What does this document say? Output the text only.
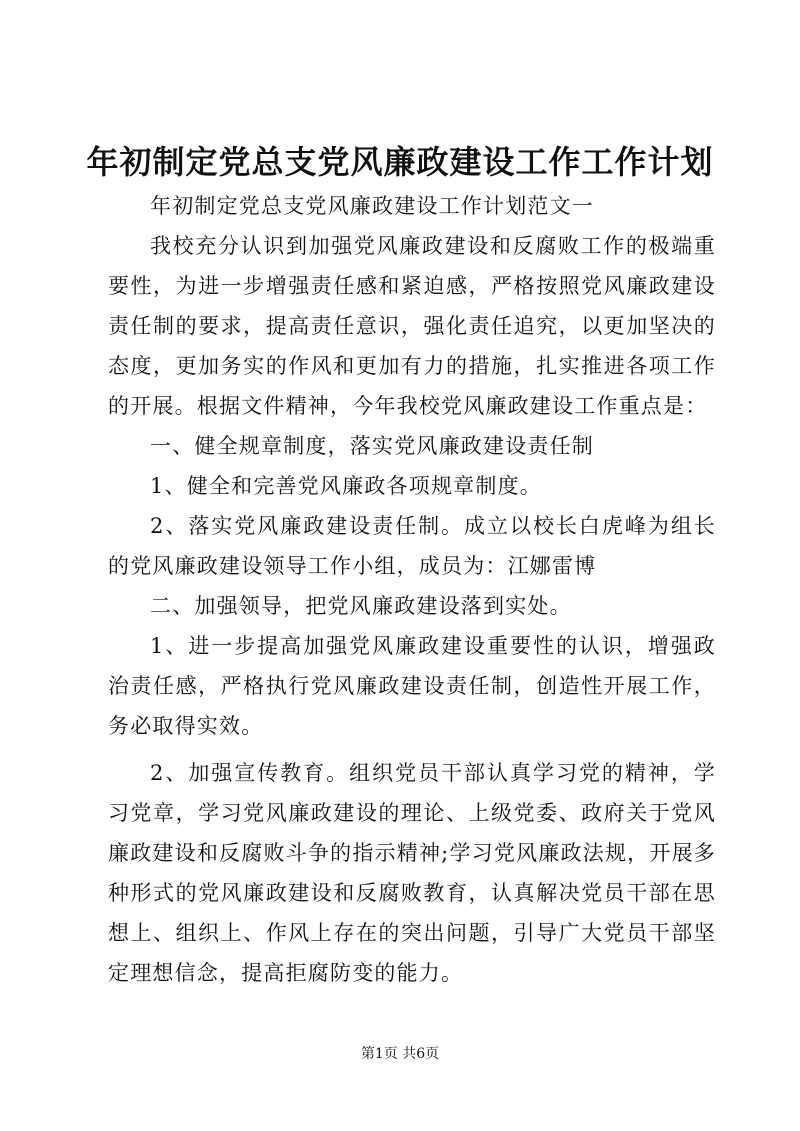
年初制定党总支党风廉政建设工作工作计划

年初制定党总支党风廉政建设工作计划范文一

我校充分认识到加强党风廉政建设和反腐败工作的极端重要性，为进一步增强责任感和紧迫感，严格按照党风廉政建设责任制的要求，提高责任意识，强化责任追究，以更加坚决的态度，更加务实的作风和更加有力的措施，扎实推进各项工作的开展。根据文件精神，今年我校党风廉政建设工作重点是：

一、健全规章制度，落实党风廉政建设责任制

1、健全和完善党风廉政各项规章制度。

2、落实党风廉政建设责任制。成立以校长白虎峰为组长的党风廉政建设领导工作小组，成员为：江娜雷博

二、加强领导，把党风廉政建设落到实处。

1、进一步提高加强党风廉政建设重要性的认识，增强政治责任感，严格执行党风廉政建设责任制，创造性开展工作，务必取得实效。

2、加强宣传教育。组织党员干部认真学习党的精神，学习党章，学习党风廉政建设的理论、上级党委、政府关于党风廉政建设和反腐败斗争的指示精神;学习党风廉政法规，开展多种形式的党风廉政建设和反腐败教育，认真解决党员干部在思想上、组织上、作风上存在的突出问题，引导广大党员干部坚定理想信念，提高拒腐防变的能力。

第1页 共6页
